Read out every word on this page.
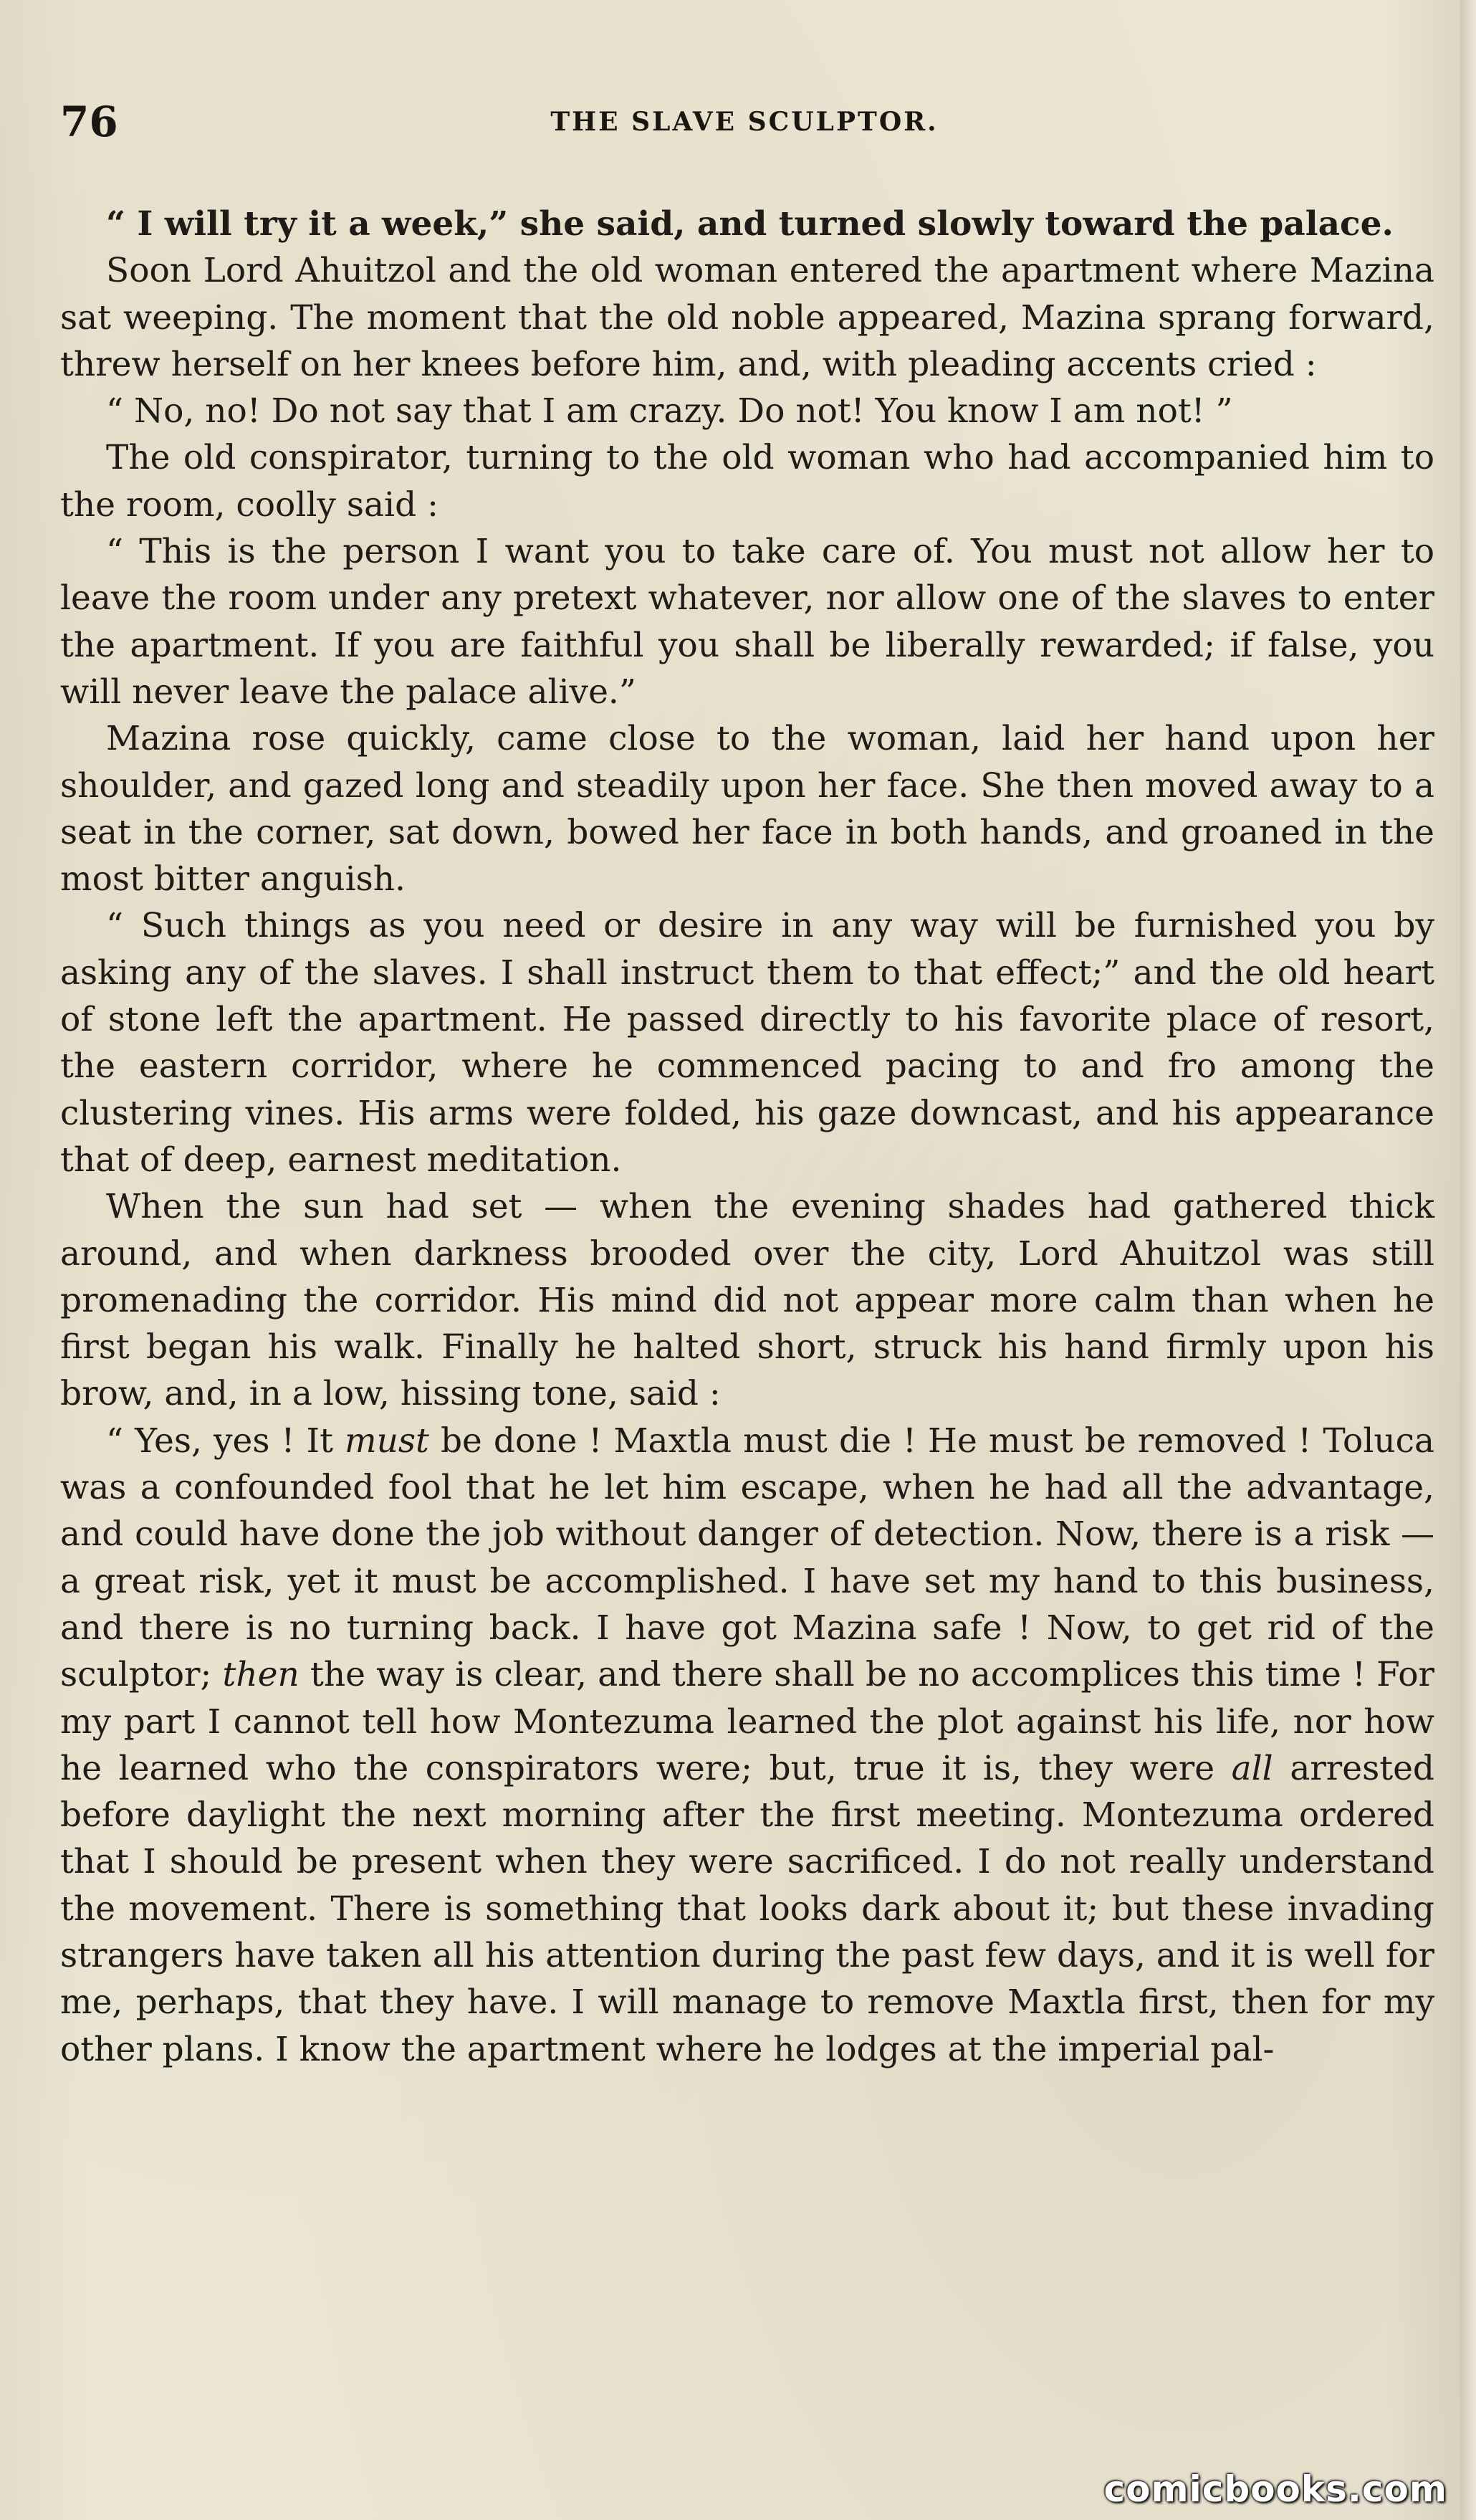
76	THE SLAVE SCULPTOR.

“ I will try it a week,” she said, and turned slowly toward the palace.

Soon Lord Ahuitzol and the old woman entered the apartment where Mazina sat weeping. The moment that the old noble appeared, Mazina sprang forward, threw herself on her knees before him, and, with pleading accents cried :

“ No, no! Do not say that I am crazy. Do not! You know I am not! ”

The old conspirator, turning to the old woman who had accompanied him to the room, coolly said :

“ This is the person I want you to take care of. You must not allow her to leave the room under any pretext whatever, nor allow one of the slaves to enter the apartment. If you are faithful you shall be liberally rewarded; if false, you will never leave the palace alive.”

Mazina rose quickly, came close to the woman, laid her hand upon her shoulder, and gazed long and steadily upon her face. She then moved away to a seat in the corner, sat down, bowed her face in both hands, and groaned in the most bitter anguish.

“ Such things as you need or desire in any way will be furnished you by asking any of the slaves. I shall instruct them to that effect;” and the old heart of stone left the apartment. He passed directly to his favorite place of resort, the eastern corridor, where he commenced pacing to and fro among the clustering vines. His arms were folded, his gaze downcast, and his appearance that of deep, earnest meditation.

When the sun had set — when the evening shades had gathered thick around, and when darkness brooded over the city, Lord Ahuitzol was still promenading the corridor. His mind did not appear more calm than when he first began his walk. Finally he halted short, struck his hand firmly upon his brow, and, in a low, hissing tone, said :

“ Yes, yes ! It must be done ! Maxtla must die ! He must be removed ! Toluca was a confounded fool that he let him escape, when he had all the advantage, and could have done the job without danger of detection. Now, there is a risk — a great risk, yet it must be accomplished. I have set my hand to this business, and there is no turning back. I have got Mazina safe ! Now, to get rid of the sculptor; then the way is clear, and there shall be no accomplices this time ! For my part I cannot tell how Montezuma learned the plot against his life, nor how he learned who the conspirators were; but, true it is, they were all arrested before daylight the next morning after the first meeting. Montezuma ordered that I should be present when they were sacrificed. I do not really understand the movement. There is something that looks dark about it; but these invading strangers have taken all his attention during the past few days, and it is well for me, perhaps, that they have. I will manage to remove Maxtla first, then for my other plans. I know the apartment where he lodges at the imperial pal-

comicbooks.com
